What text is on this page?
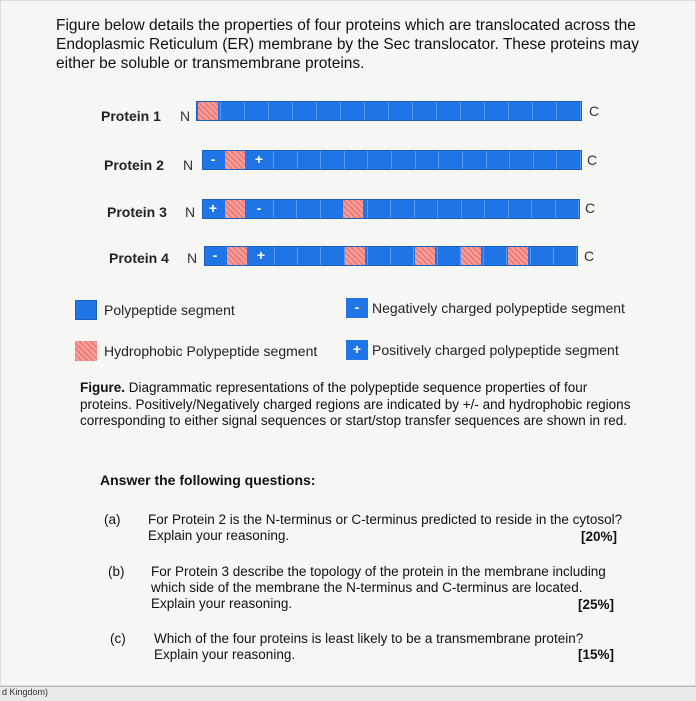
Figure below details the properties of four proteins which are translocated across the Endoplasmic Reticulum (ER) membrane by the Sec translocator. These proteins may either be soluble or transmembrane proteins.
Protein 1 N	C
Protein 2 N	-	+	C
Protein 3 N +	-	C
Protein 4 N	-	+	C
Polypeptide segment	- Negatively charged polypeptide segment
Hydrophobic Polypeptide segment	+ Positively charged polypeptide segment
Figure. Diagrammatic representations of the polypeptide sequence properties of four proteins. Positively/Negatively charged regions are indicated by +/- and hydrophobic regions corresponding to either signal sequences or start/stop transfer sequences are shown in red.
Answer the following questions:
(a) For Protein 2 is the N-terminus or C-terminus predicted to reside in the cytosol? Explain your reasoning.	[20%]
(b) For Protein 3 describe the topology of the protein in the membrane including which side of the membrane the N-terminus and C-terminus are located. Explain your reasoning.	[25%]
(c) Which of the four proteins is least likely to be a transmembrane protein? Explain your reasoning.	[15%]
d Kingdom)
